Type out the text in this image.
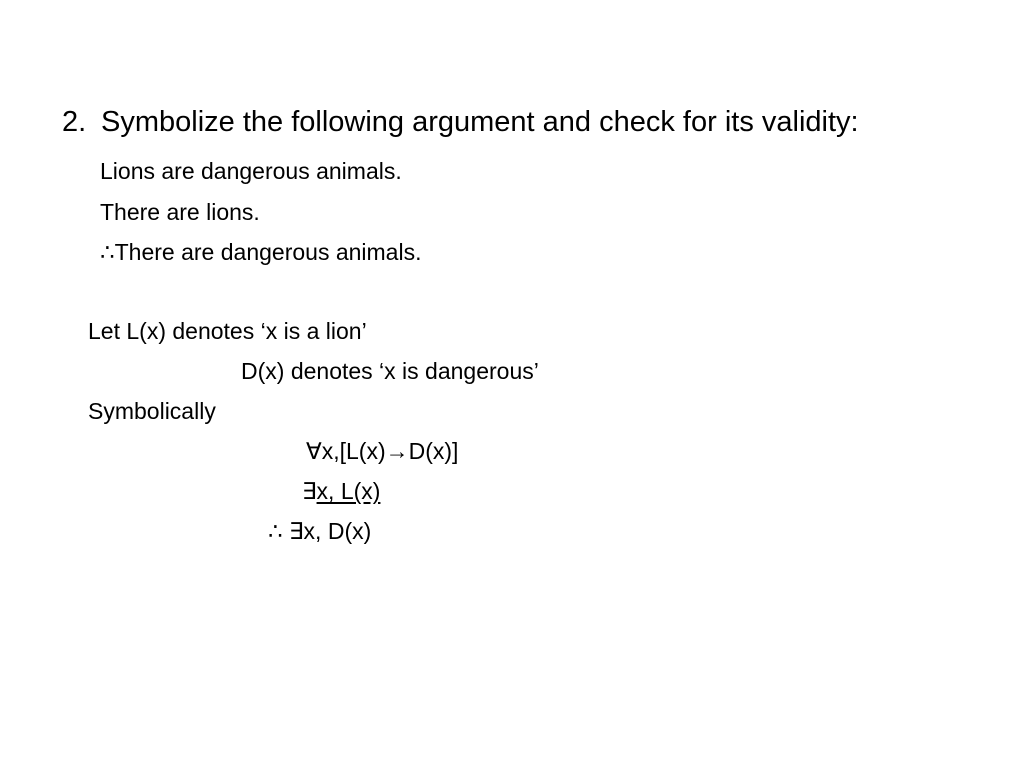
2. Symbolize the following argument and check for its validity:
Lions are dangerous animals.
There are lions.
∴There are dangerous animals.
Let L(x) denotes ‘x is a lion’
D(x) denotes ‘x is dangerous’
Symbolically
∀x,[L(x)→D(x)]
∃x, L(x)
∴ ∃x, D(x)
